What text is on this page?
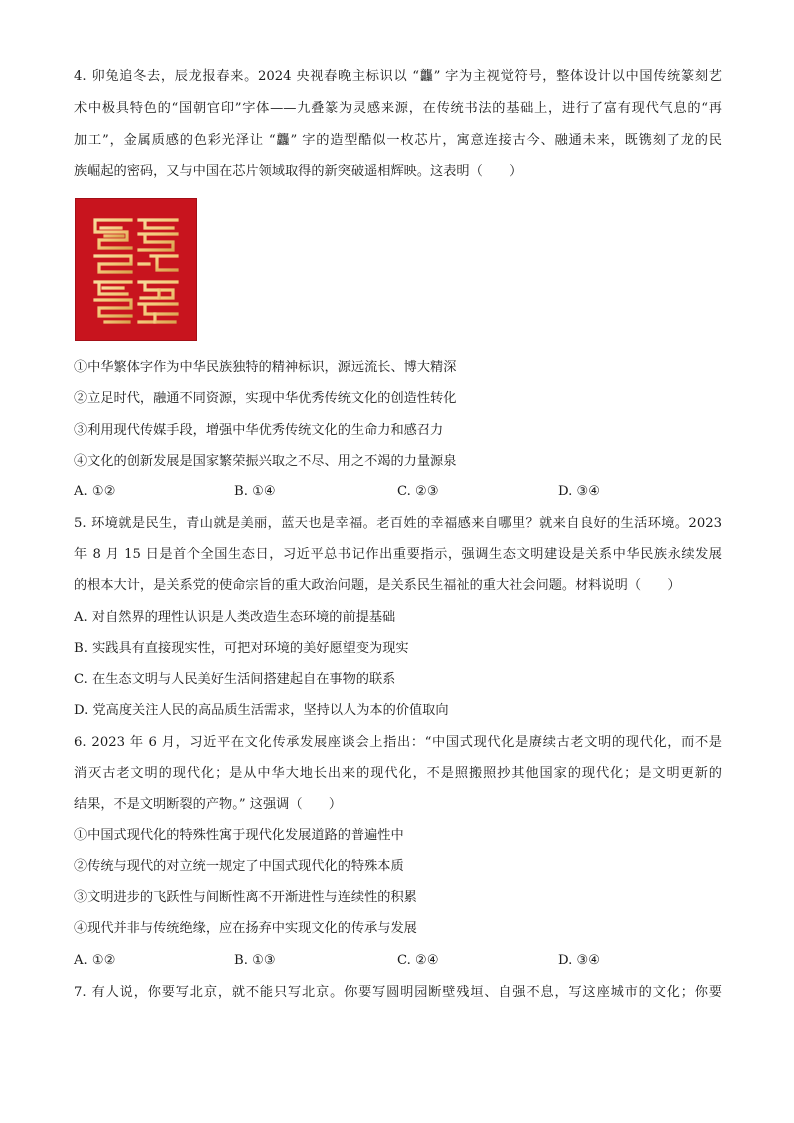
4. 卯兔追冬去，辰龙报春来。2024 央视春晚主标识以 “龘” 字为主视觉符号，整体设计以中国传统篆刻艺
术中极具特色的“国朝官印”字体——九叠篆为灵感来源，在传统书法的基础上，进行了富有现代气息的“再
加工”，金属质感的色彩光泽让 “龘” 字的造型酷似一枚芯片，寓意连接古今、融通未来，既镌刻了龙的民
族崛起的密码，又与中国在芯片领域取得的新突破遥相辉映。这表明（　　）
①中华繁体字作为中华民族独特的精神标识，源远流长、博大精深
②立足时代，融通不同资源，实现中华优秀传统文化的创造性转化
③利用现代传媒手段，增强中华优秀传统文化的生命力和感召力
④文化的创新发展是国家繁荣振兴取之不尽、用之不竭的力量源泉
A. ①②	B. ①④	C. ②③	D. ③④
5. 环境就是民生，青山就是美丽，蓝天也是幸福。老百姓的幸福感来自哪里？就来自良好的生活环境。2023
年 8 月 15 日是首个全国生态日，习近平总书记作出重要指示，强调生态文明建设是关系中华民族永续发展
的根本大计，是关系党的使命宗旨的重大政治问题，是关系民生福祉的重大社会问题。材料说明（　　）
A. 对自然界的理性认识是人类改造生态环境的前提基础
B. 实践具有直接现实性，可把对环境的美好愿望变为现实
C. 在生态文明与人民美好生活间搭建起自在事物的联系
D. 党高度关注人民的高品质生活需求，坚持以人为本的价值取向
6. 2023 年 6 月，习近平在文化传承发展座谈会上指出：“中国式现代化是赓续古老文明的现代化，而不是
消灭古老文明的现代化；是从中华大地长出来的现代化，不是照搬照抄其他国家的现代化；是文明更新的
结果，不是文明断裂的产物。” 这强调（　　）
①中国式现代化的特殊性寓于现代化发展道路的普遍性中
②传统与现代的对立统一规定了中国式现代化的特殊本质
③文明进步的飞跃性与间断性离不开渐进性与连续性的积累
④现代并非与传统绝缘，应在扬弃中实现文化的传承与发展
A. ①②	B. ①③	C. ②④	D. ③④
7. 有人说，你要写北京，就不能只写北京。你要写圆明园断壁残垣、自强不息，写这座城市的文化；你要
